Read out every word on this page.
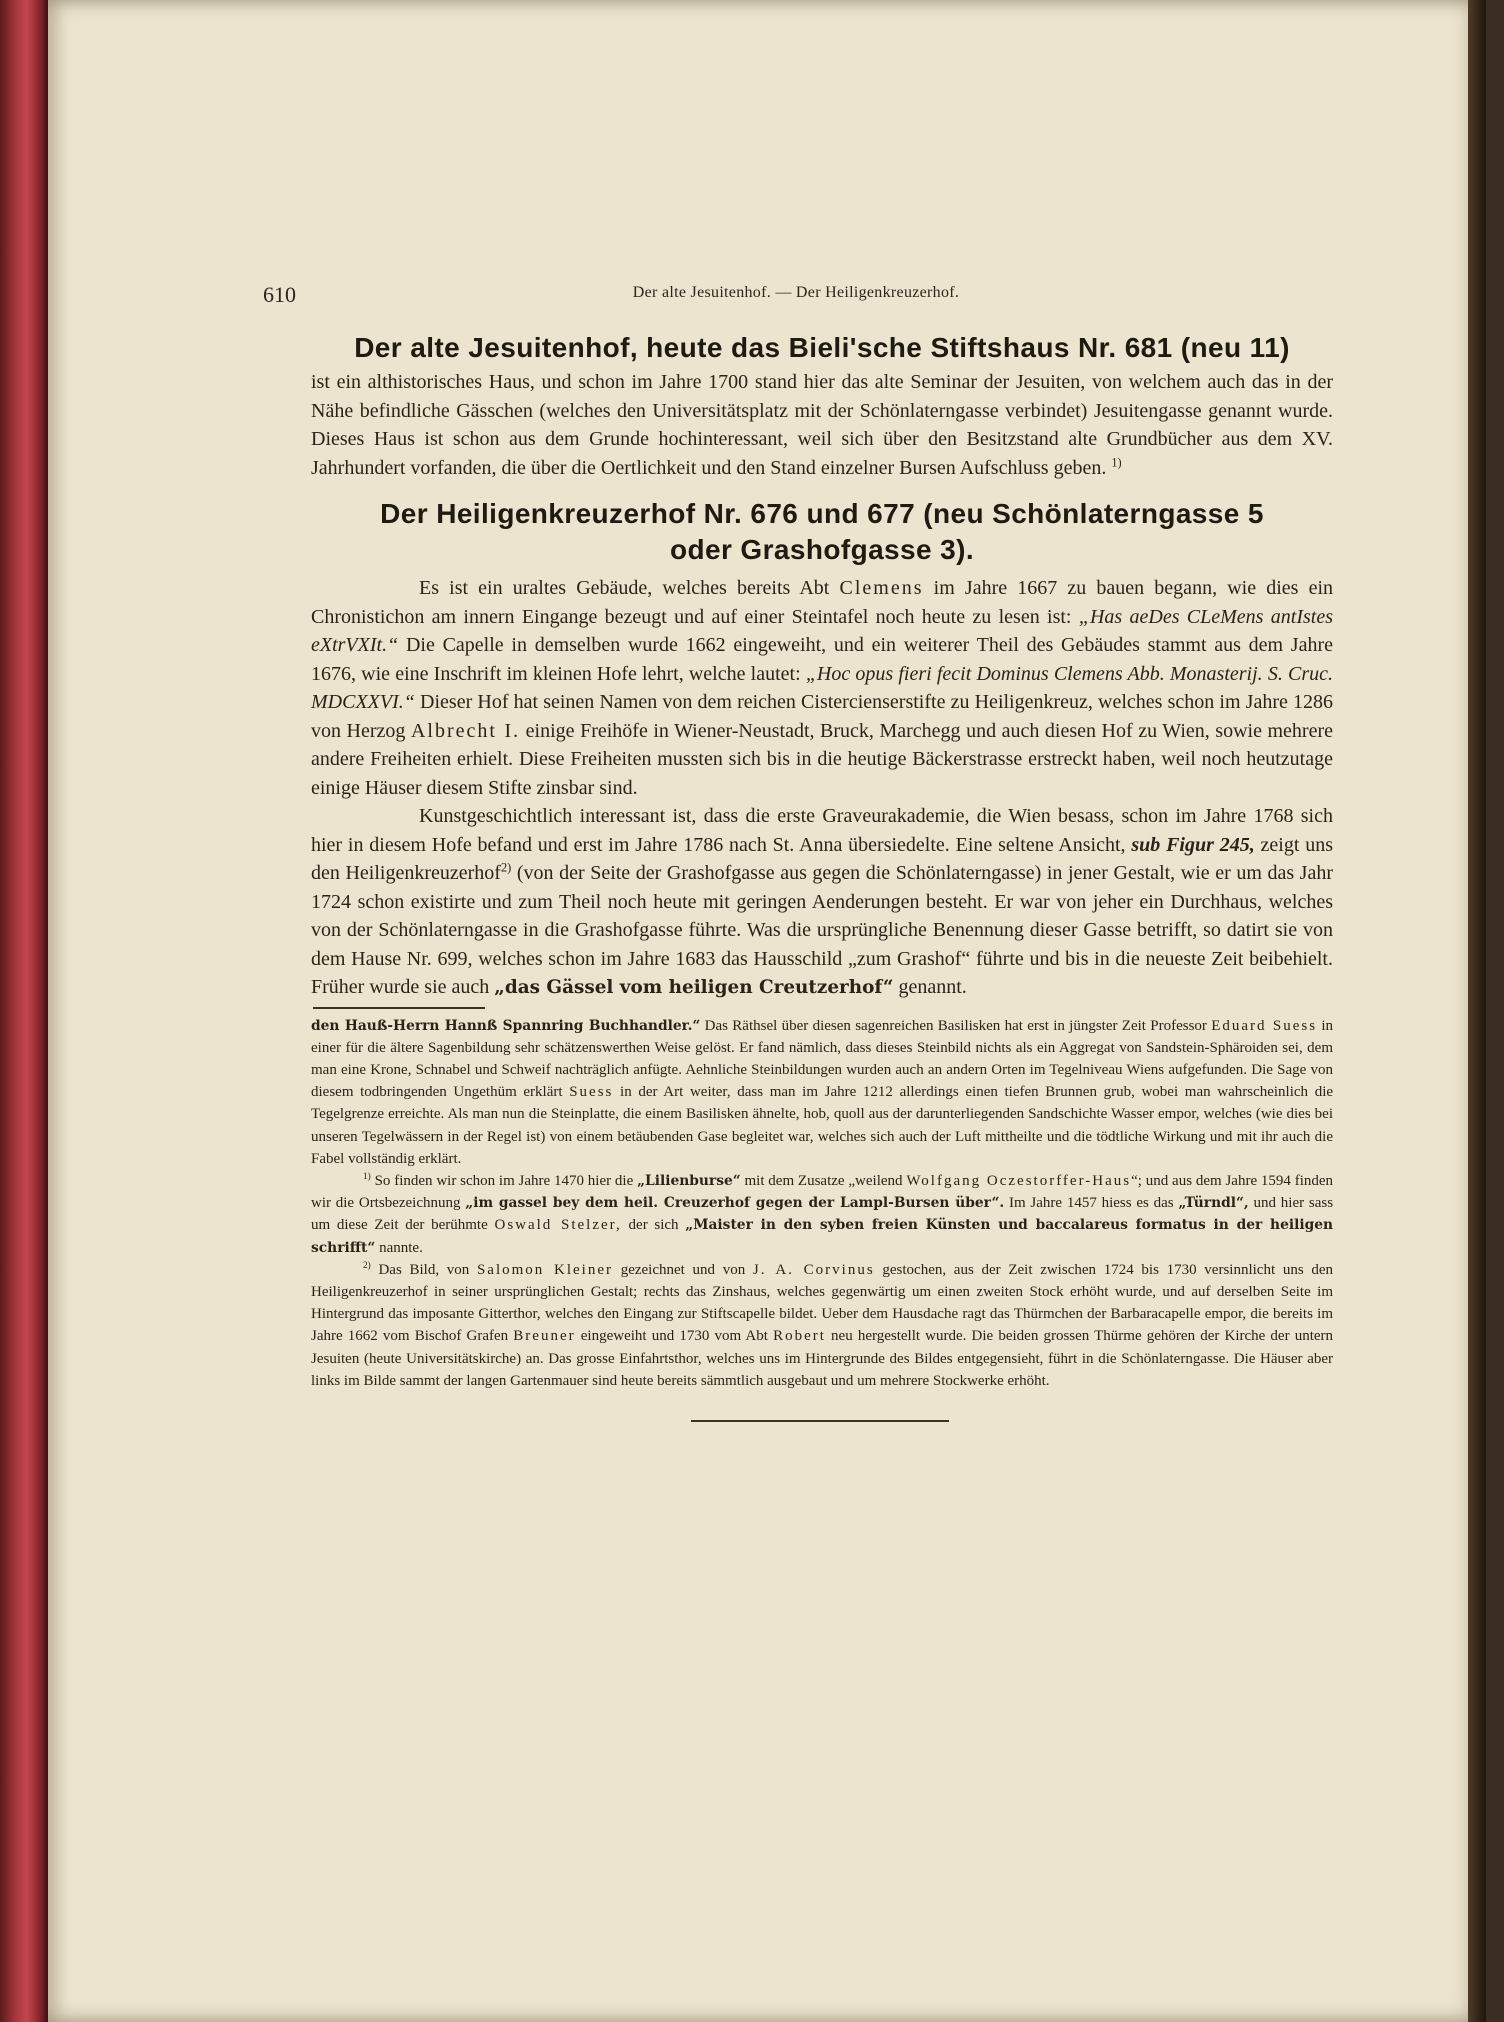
610	Der alte Jesuitenhof. — Der Heiligenkreuzerhof.
Der alte Jesuitenhof, heute das Bieli'sche Stiftshaus Nr. 681 (neu 11)

ist ein althistorisches Haus, und schon im Jahre 1700 stand hier das alte Seminar der Jesuiten, von welchem auch das in der Nähe befindliche Gässchen (welches den Universitätsplatz mit der Schönlaterngasse verbindet) Jesuitengasse genannt wurde. Dieses Haus ist schon aus dem Grunde hochinteressant, weil sich über den Besitzstand alte Grundbücher aus dem XV. Jahrhundert vorfanden, die über die Oertlichkeit und den Stand einzelner Bursen Aufschluss geben. $^{1)}$

Der Heiligenkreuzerhof Nr. 676 und 677 (neu Schönlaterngasse 5
oder Grashofgasse 3).

Es ist ein uraltes Gebäude, welches bereits Abt Clemens im Jahre 1667 zu bauen begann, wie dies ein Chronistichon am innern Eingange bezeugt und auf einer Steintafel noch heute zu lesen ist: „Has aeDes CLeMens antIstes eXtrVXIt.“ Die Capelle in demselben wurde 1662 eingeweiht, und ein weiterer Theil des Gebäudes stammt aus dem Jahre 1676, wie eine Inschrift im kleinen Hofe lehrt, welche lautet: „Hoc opus fieri fecit Dominus Clemens Abb. Monasterij. S. Cruc. MDCXXVI.“ Dieser Hof hat seinen Namen von dem reichen Cistercienserstifte zu Heiligenkreuz, welches schon im Jahre 1286 von Herzog Albrecht I. einige Freihöfe in Wiener-Neustadt, Bruck, Marchegg und auch diesen Hof zu Wien, sowie mehrere andere Freiheiten erhielt. Diese Freiheiten mussten sich bis in die heutige Bäckerstrasse erstreckt haben, weil noch heutzutage einige Häuser diesem Stifte zinsbar sind.

Kunstgeschichtlich interessant ist, dass die erste Graveurakademie, die Wien besass, schon im Jahre 1768 sich hier in diesem Hofe befand und erst im Jahre 1786 nach St. Anna übersiedelte. Eine seltene Ansicht, sub Figur 245, zeigt uns den Heiligenkreuzerhof$^{2)}$ (von der Seite der Grashofgasse aus gegen die Schönlaterngasse) in jener Gestalt, wie er um das Jahr 1724 schon existirte und zum Theil noch heute mit geringen Aenderungen besteht. Er war von jeher ein Durchhaus, welches von der Schönlaterngasse in die Grashofgasse führte. Was die ursprüngliche Benennung dieser Gasse betrifft, so datirt sie von dem Hause Nr. 699, welches schon im Jahre 1683 das Hausschild „zum Grashof“ führte und bis in die neueste Zeit beibehielt. Früher wurde sie auch „das Gässel vom heiligen Creutzerhof“ genannt.

den Hauß-Herrn Hannß Spannring Buchhandler.“ Das Räthsel über diesen sagenreichen Basilisken hat erst in jüngster Zeit Professor Eduard Suess in einer für die ältere Sagenbildung sehr schätzenswerthen Weise gelöst. Er fand nämlich, dass dieses Steinbild nichts als ein Aggregat von Sandstein-Sphäroiden sei, dem man eine Krone, Schnabel und Schweif nachträglich anfügte. Aehnliche Steinbildungen wurden auch an andern Orten im Tegelniveau Wiens aufgefunden. Die Sage von diesem todbringenden Ungethüm erklärt Suess in der Art weiter, dass man im Jahre 1212 allerdings einen tiefen Brunnen grub, wobei man wahrscheinlich die Tegelgrenze erreichte. Als man nun die Steinplatte, die einem Basilisken ähnelte, hob, quoll aus der darunterliegenden Sandschichte Wasser empor, welches (wie dies bei unseren Tegelwässern in der Regel ist) von einem betäubenden Gase begleitet war, welches sich auch der Luft mittheilte und die tödtliche Wirkung und mit ihr auch die Fabel vollständig erklärt.

$^{1)}$ So finden wir schon im Jahre 1470 hier die „Lilienburse“ mit dem Zusatze „weilend Wolfgang Oczestorffer-Haus“; und aus dem Jahre 1594 finden wir die Ortsbezeichnung „im gassel bey dem heil. Creuzerhof gegen der Lampl-Bursen über“. Im Jahre 1457 hiess es das „Türndl“, und hier sass um diese Zeit der berühmte Oswald Stelzer, der sich „Maister in den syben freien Künsten und baccalareus formatus in der heiligen schrifft“ nannte.

$^{2)}$ Das Bild, von Salomon Kleiner gezeichnet und von J. A. Corvinus gestochen, aus der Zeit zwischen 1724 bis 1730 versinnlicht uns den Heiligenkreuzerhof in seiner ursprünglichen Gestalt; rechts das Zinshaus, welches gegenwärtig um einen zweiten Stock erhöht wurde, und auf derselben Seite im Hintergrund das imposante Gitterthor, welches den Eingang zur Stiftscapelle bildet. Ueber dem Hausdache ragt das Thürmchen der Barbaracapelle empor, die bereits im Jahre 1662 vom Bischof Grafen Breuner eingeweiht und 1730 vom Abt Robert neu hergestellt wurde. Die beiden grossen Thürme gehören der Kirche der untern Jesuiten (heute Universitätskirche) an. Das grosse Einfahrtsthor, welches uns im Hintergrunde des Bildes entgegensieht, führt in die Schönlaterngasse. Die Häuser aber links im Bilde sammt der langen Gartenmauer sind heute bereits sämmtlich ausgebaut und um mehrere Stockwerke erhöht.
